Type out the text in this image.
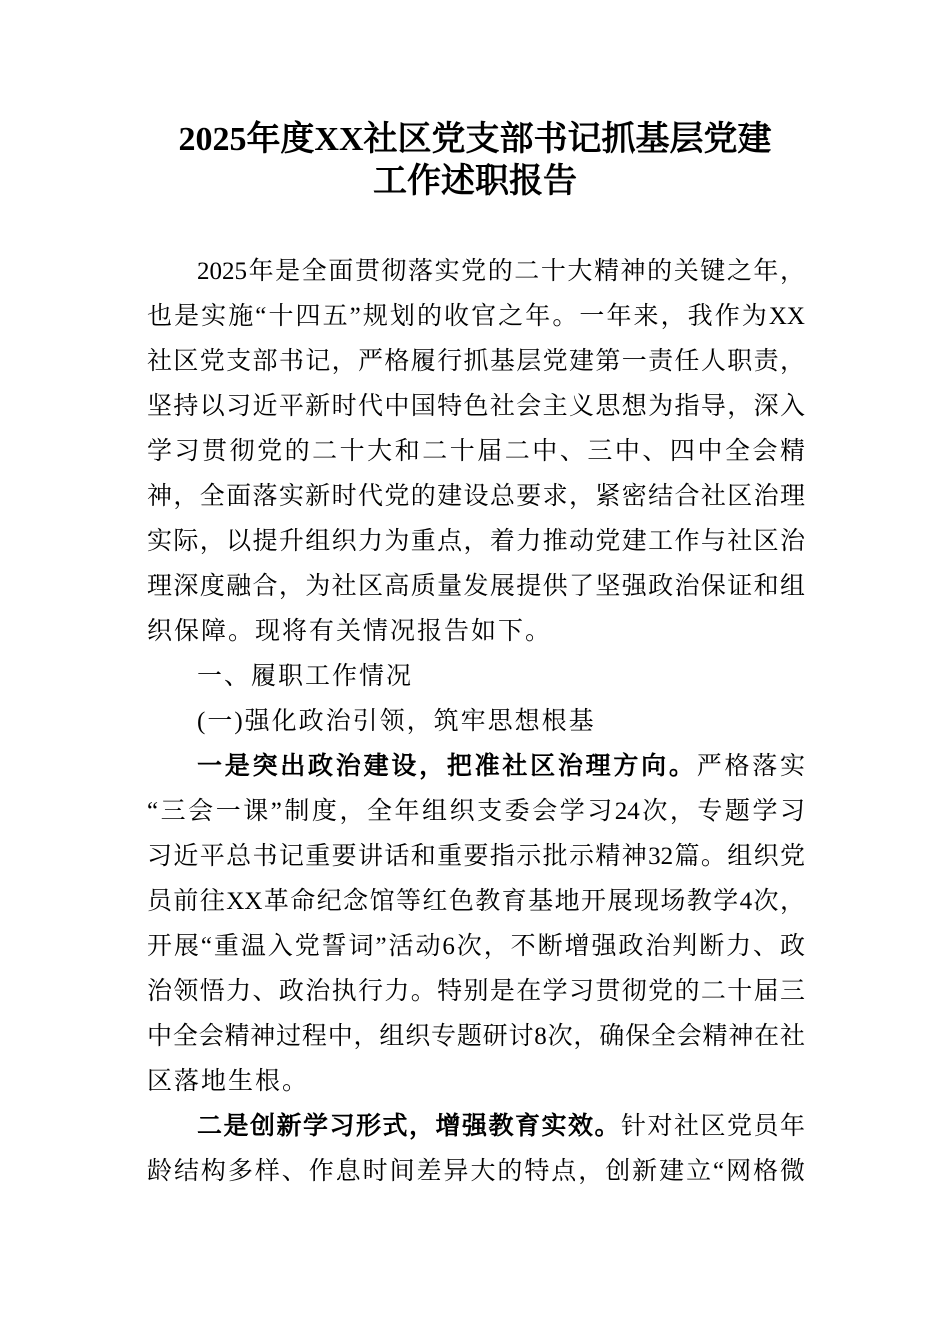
2025年度XX社区党支部书记抓基层党建
工作述职报告
2025年是全面贯彻落实党的二十大精神的关键之年，
也是实施“十四五”规划的收官之年。一年来，我作为XX
社区党支部书记，严格履行抓基层党建第一责任人职责，
坚持以习近平新时代中国特色社会主义思想为指导，深入
学习贯彻党的二十大和二十届二中、三中、四中全会精
神，全面落实新时代党的建设总要求，紧密结合社区治理
实际，以提升组织力为重点，着力推动党建工作与社区治
理深度融合，为社区高质量发展提供了坚强政治保证和组
织保障。现将有关情况报告如下。
一、履职工作情况
(一)强化政治引领，筑牢思想根基
一是突出政治建设，把准社区治理方向。严格落实
“三会一课”制度，全年组织支委会学习24次，专题学习
习近平总书记重要讲话和重要指示批示精神32篇。组织党
员前往XX革命纪念馆等红色教育基地开展现场教学4次，
开展“重温入党誓词”活动6次，不断增强政治判断力、政
治领悟力、政治执行力。特别是在学习贯彻党的二十届三
中全会精神过程中，组织专题研讨8次，确保全会精神在社
区落地生根。
二是创新学习形式，增强教育实效。针对社区党员年
龄结构多样、作息时间差异大的特点，创新建立“网格微
